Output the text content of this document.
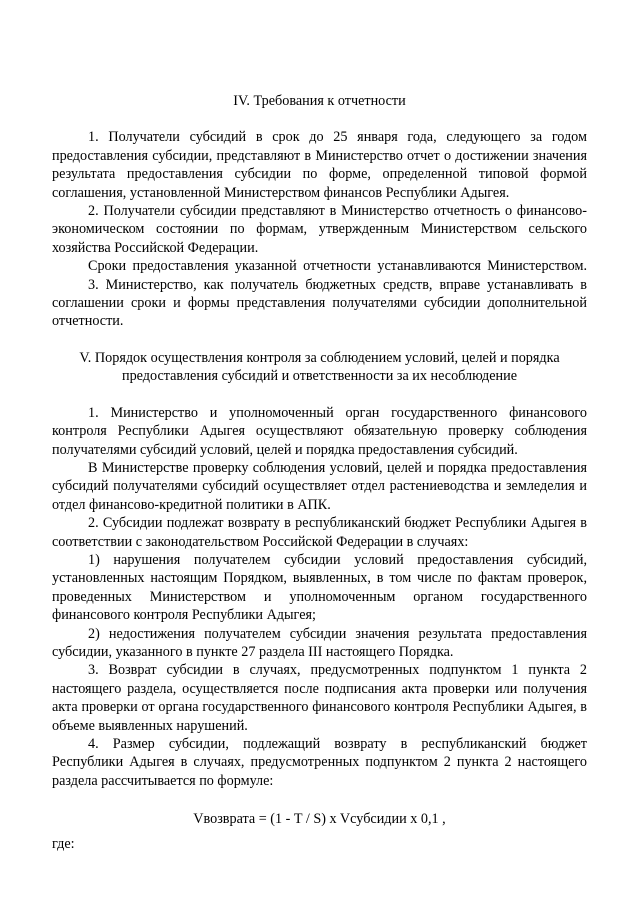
IV. Требования к отчетности

1. Получатели субсидий в срок до 25 января года, следующего за годом предоставления субсидии, представляют в Министерство отчет о достижении значения результата предоставления субсидии по форме, определенной типовой формой соглашения, установленной Министерством финансов Республики Адыгея.

2. Получатели субсидии представляют в Министерство отчетность о финансово-экономическом состоянии по формам, утвержденным Министерством сельского хозяйства Российской Федерации.

Сроки предоставления указанной отчетности устанавливаются Министерством.

3. Министерство, как получатель бюджетных средств, вправе устанавливать в соглашении сроки и формы представления получателями субсидии дополнительной отчетности.

V. Порядок осуществления контроля за соблюдением условий, целей и порядка предоставления субсидий и ответственности за их несоблюдение

1. Министерство и уполномоченный орган государственного финансового контроля Республики Адыгея осуществляют обязательную проверку соблюдения получателями субсидий условий, целей и порядка предоставления субсидий.

В Министерстве проверку соблюдения условий, целей и порядка предоставления субсидий получателями субсидий осуществляет отдел растениеводства и земледелия и отдел финансово-кредитной политики в АПК.

2. Субсидии подлежат возврату в республиканский бюджет Республики Адыгея в соответствии с законодательством Российской Федерации в случаях:

1) нарушения получателем субсидии условий предоставления субсидий, установленных настоящим Порядком, выявленных, в том числе по фактам проверок, проведенных Министерством и уполномоченным органом государственного финансового контроля Республики Адыгея;

2) недостижения получателем субсидии значения результата предоставления субсидии, указанного в пункте 27 раздела III настоящего Порядка.

3. Возврат субсидии в случаях, предусмотренных подпунктом 1 пункта 2 настоящего раздела, осуществляется после подписания акта проверки или получения акта проверки от органа государственного финансового контроля Республики Адыгея, в объеме выявленных нарушений.

4. Размер субсидии, подлежащий возврату в республиканский бюджет Республики Адыгея в случаях, предусмотренных подпунктом 2 пункта 2 настоящего раздела рассчитывается по формуле:

Vвозврата = (1 - T / S) x Vсубсидии x 0,1 ,

где:
